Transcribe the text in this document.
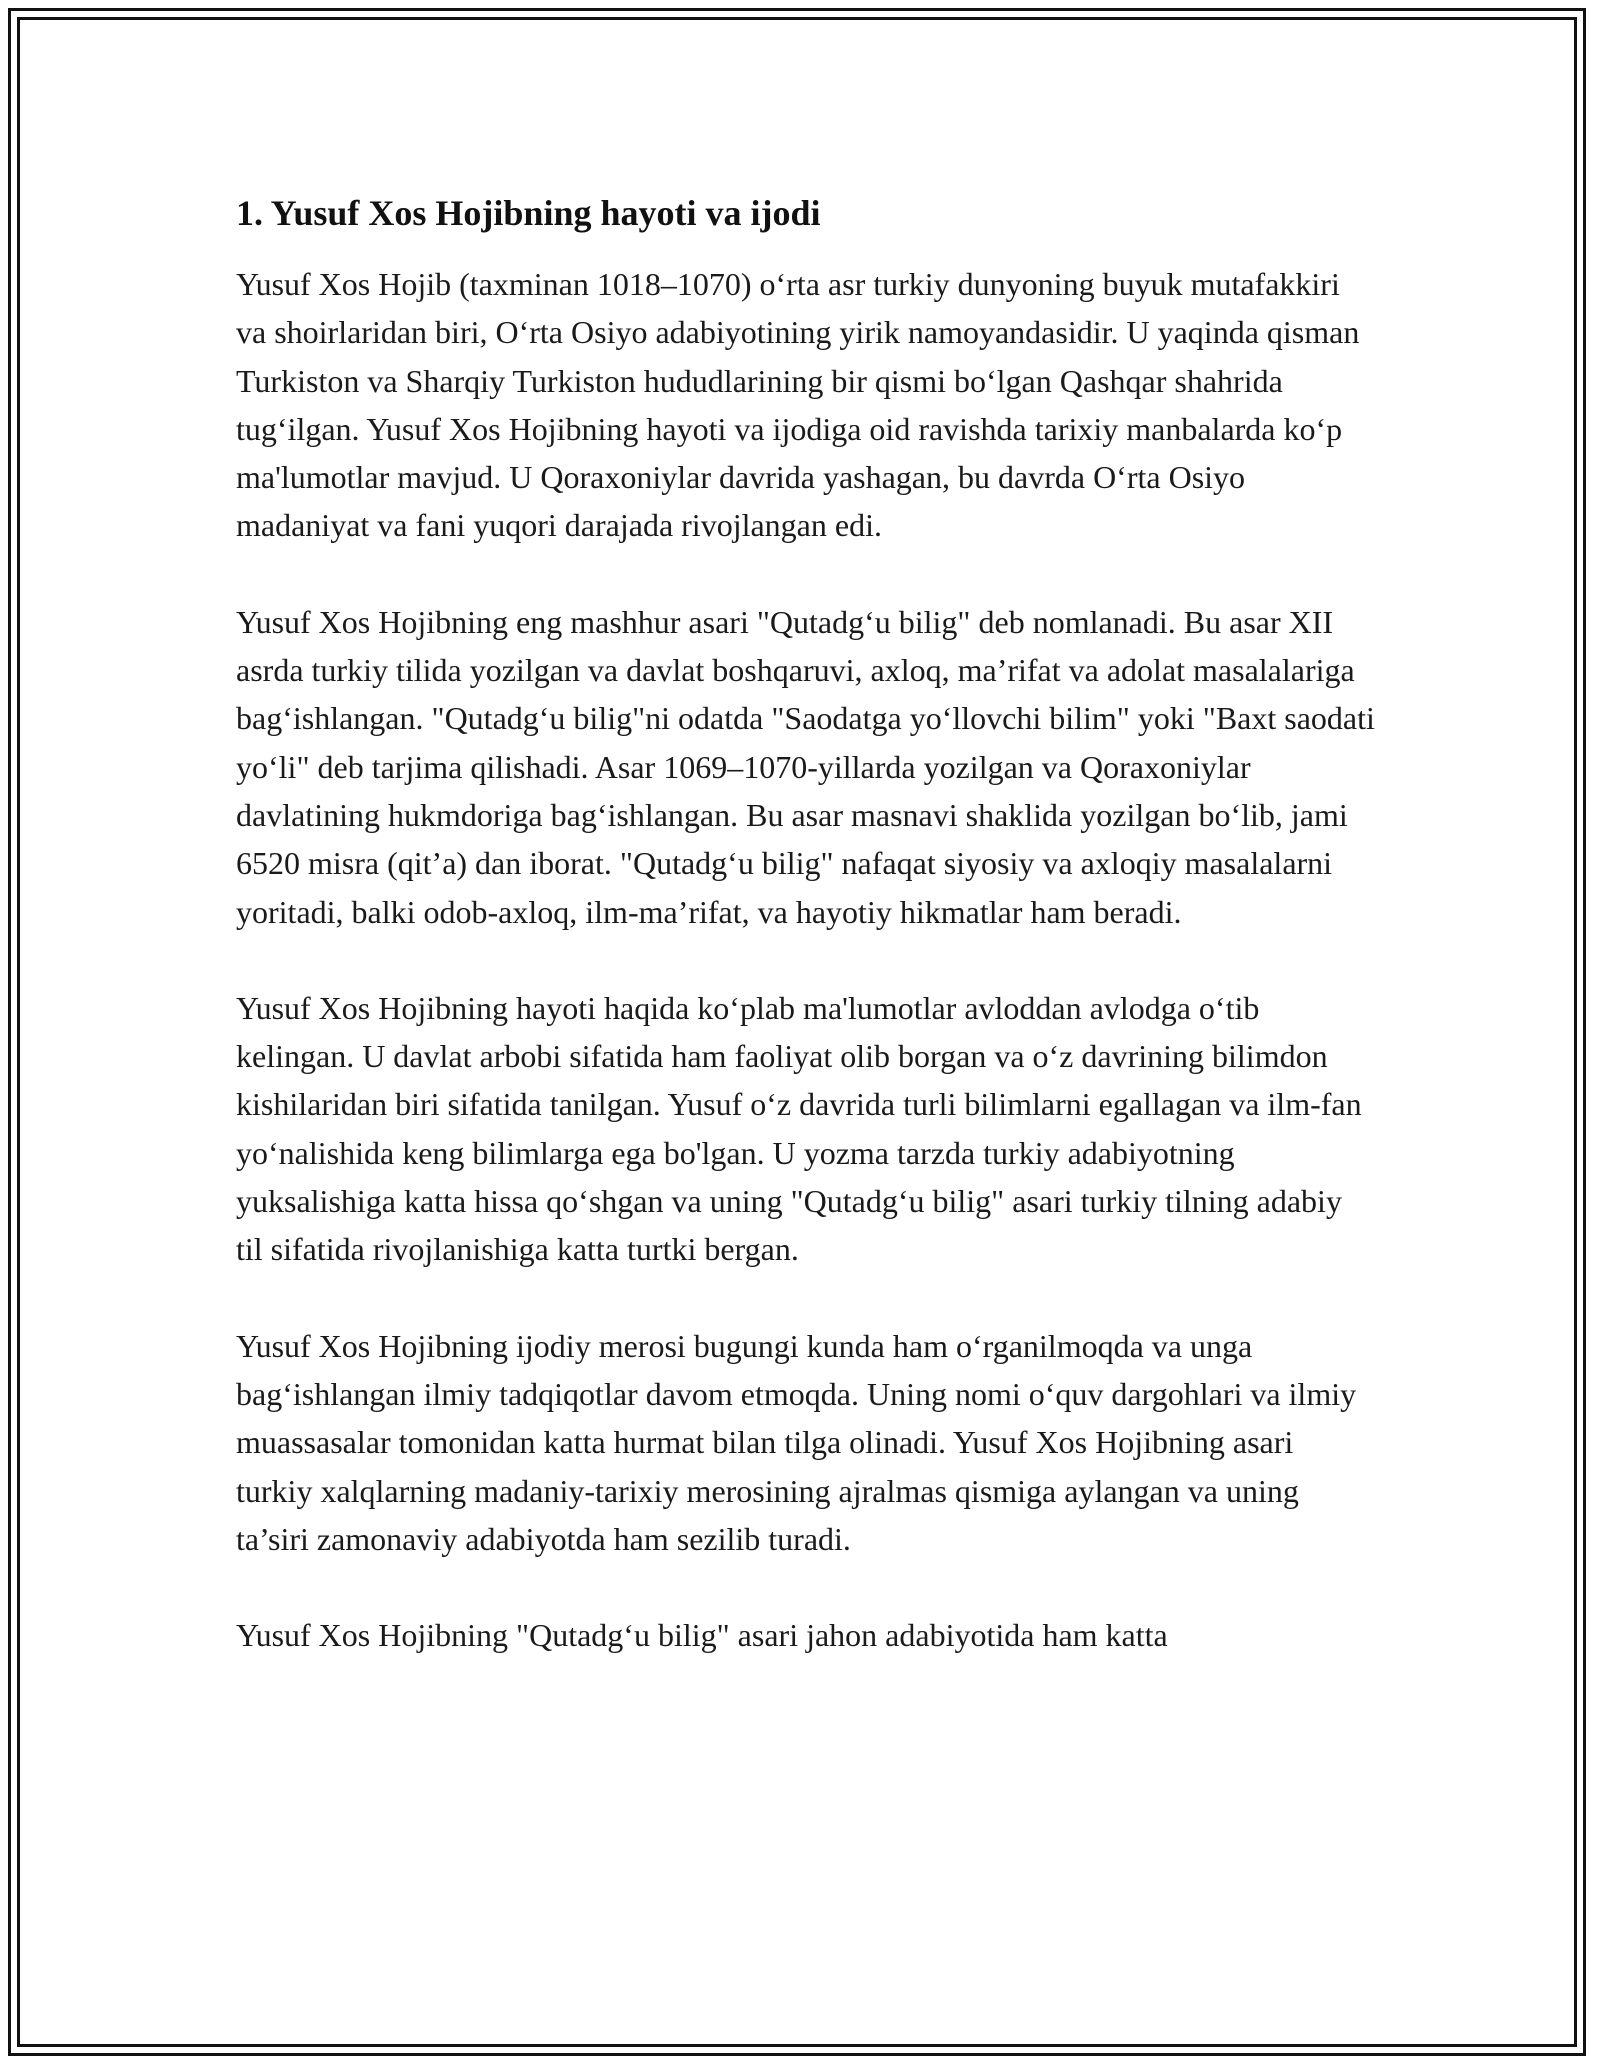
1. Yusuf Xos Hojibning hayoti va ijodi

Yusuf Xos Hojib (taxminan 1018–1070) o‘rta asr turkiy dunyoning buyuk mutafakkiri va shoirlaridan biri, O‘rta Osiyo adabiyotining yirik namoyandasidir. U yaqinda qisman Turkiston va Sharqiy Turkiston hududlarining bir qismi bo‘lgan Qashqar shahrida tug‘ilgan. Yusuf Xos Hojibning hayoti va ijodiga oid ravishda tarixiy manbalarda ko‘p ma'lumotlar mavjud. U Qoraxoniylar davrida yashagan, bu davrda O‘rta Osiyo madaniyat va fani yuqori darajada rivojlangan edi.

Yusuf Xos Hojibning eng mashhur asari "Qutadg‘u bilig" deb nomlanadi. Bu asar XII asrda turkiy tilida yozilgan va davlat boshqaruvi, axloq, ma’rifat va adolat masalalariga bag‘ishlangan. "Qutadg‘u bilig"ni odatda "Saodatga yo‘llovchi bilim" yoki "Baxt saodati yo‘li" deb tarjima qilishadi. Asar 1069–1070-yillarda yozilgan va Qoraxoniylar davlatining hukmdoriga bag‘ishlangan. Bu asar masnavi shaklida yozilgan bo‘lib, jami 6520 misra (qit’a) dan iborat. "Qutadg‘u bilig" nafaqat siyosiy va axloqiy masalalarni yoritadi, balki odob-axloq, ilm-ma’rifat, va hayotiy hikmatlar ham beradi.

Yusuf Xos Hojibning hayoti haqida ko‘plab ma'lumotlar avloddan avlodga o‘tib kelingan. U davlat arbobi sifatida ham faoliyat olib borgan va o‘z davrining bilimdon kishilaridan biri sifatida tanilgan. Yusuf o‘z davrida turli bilimlarni egallagan va ilm-fan yo‘nalishida keng bilimlarga ega bo'lgan. U yozma tarzda turkiy adabiyotning yuksalishiga katta hissa qo‘shgan va uning "Qutadg‘u bilig" asari turkiy tilning adabiy til sifatida rivojlanishiga katta turtki bergan.

Yusuf Xos Hojibning ijodiy merosi bugungi kunda ham o‘rganilmoqda va unga bag‘ishlangan ilmiy tadqiqotlar davom etmoqda. Uning nomi o‘quv dargohlari va ilmiy muassasalar tomonidan katta hurmat bilan tilga olinadi. Yusuf Xos Hojibning asari turkiy xalqlarning madaniy-tarixiy merosining ajralmas qismiga aylangan va uning ta’siri zamonaviy adabiyotda ham sezilib turadi.

Yusuf Xos Hojibning "Qutadg‘u bilig" asari jahon adabiyotida ham katta
